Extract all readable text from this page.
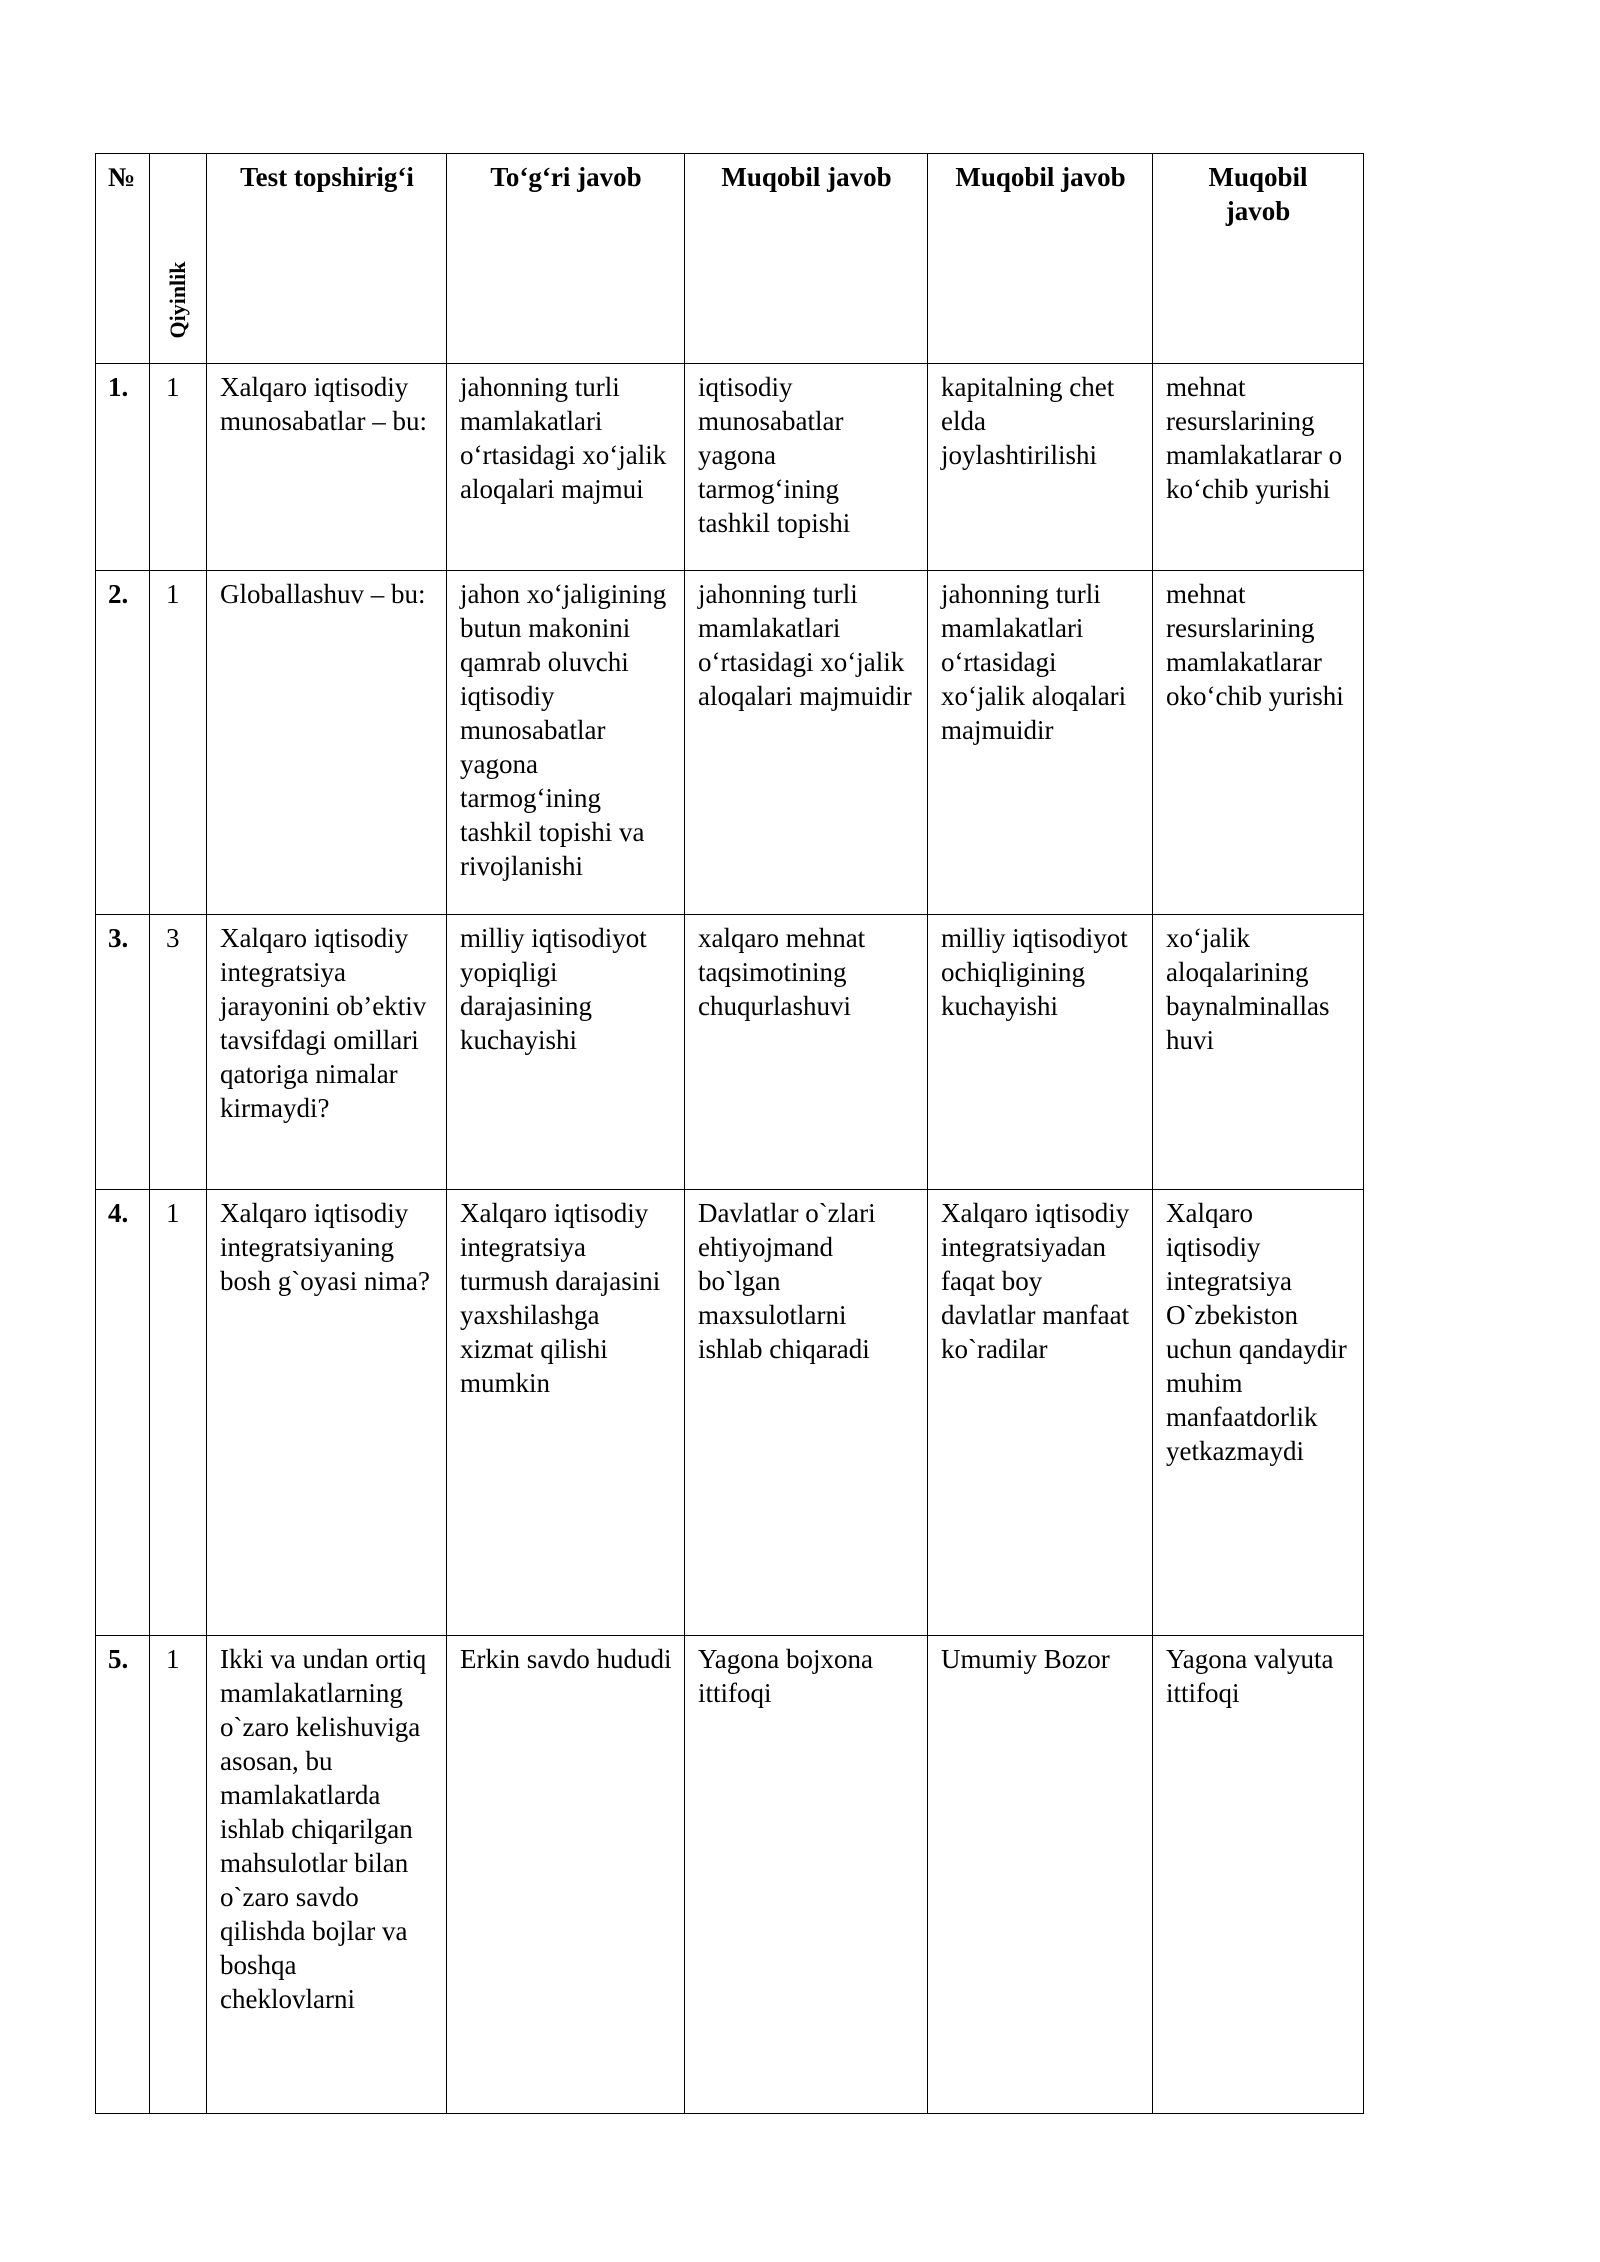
№	Qiyinlik	Test topshirig‘i	To‘g‘ri javob	Muqobil javob	Muqobil javob	Muqobil javob
1.	1	Xalqaro iqtisodiy munosabatlar – bu:	jahonning turli mamlakatlari o‘rtasidagi xo‘jalik aloqalari majmui	iqtisodiy munosabatlar yagona tarmog‘ining tashkil topishi	kapitalning chet elda joylashtirilishi	mehnat resurslarining mamlakatlarar o ko‘chib yurishi
2.	1	Globallashuv – bu:	jahon xo‘jaligining butun makonini qamrab oluvchi iqtisodiy munosabatlar yagona tarmog‘ining tashkil topishi va rivojlanishi	jahonning turli mamlakatlari o‘rtasidagi xo‘jalik aloqalari majmuidir	jahonning turli mamlakatlari o‘rtasidagi xo‘jalik aloqalari majmuidir	mehnat resurslarining mamlakatlarar oko‘chib yurishi
3.	3	Xalqaro iqtisodiy integratsiya jarayonini ob’ektiv tavsifdagi omillari qatoriga nimalar kirmaydi?	milliy iqtisodiyot yopiqligi darajasining kuchayishi	xalqaro mehnat taqsimotining chuqurlashuvi	milliy iqtisodiyot ochiqligining kuchayishi	xo‘jalik aloqalarining baynalminallas huvi
4.	1	Xalqaro iqtisodiy integratsiyaning bosh g`oyasi nima?	Xalqaro iqtisodiy integratsiya turmush darajasini yaxshilashga xizmat qilishi mumkin	Davlatlar o`zlari ehtiyojmand bo`lgan maxsulotlarni ishlab chiqaradi	Xalqaro iqtisodiy integratsiyadan faqat boy davlatlar manfaat ko`radilar	Xalqaro iqtisodiy integratsiya O`zbekiston uchun qandaydir muhim manfaatdorlik yetkazmaydi
5.	1	Ikki va undan ortiq mamlakatlarning o`zaro kelishuviga asosan, bu mamlakatlarda ishlab chiqarilgan mahsulotlar bilan o`zaro savdo qilishda bojlar va boshqa cheklovlarni	Erkin savdo hududi	Yagona bojxona ittifoqi	Umumiy Bozor	Yagona valyuta ittifoqi
